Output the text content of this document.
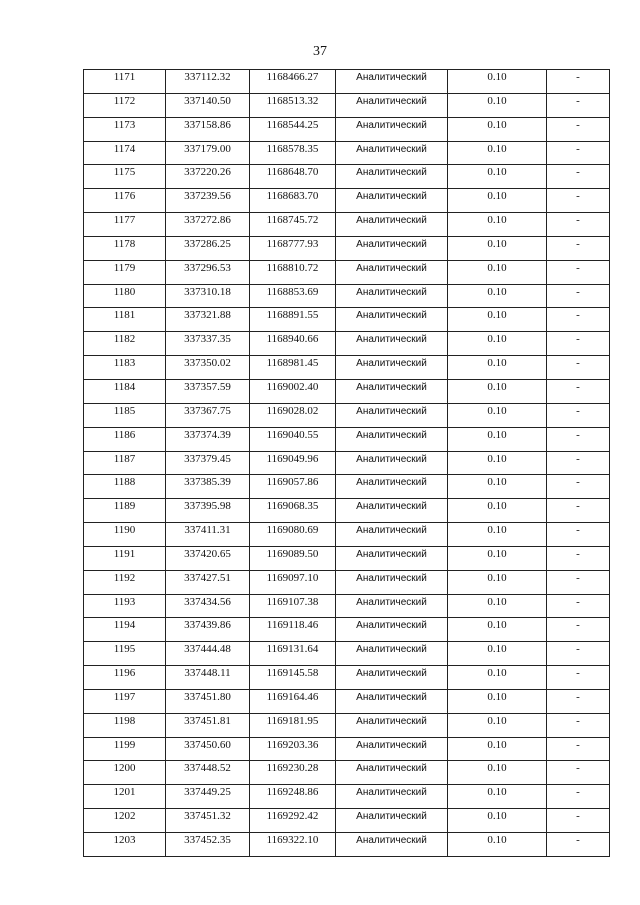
37
1171	337112.32	1168466.27	Аналитический	0.10	-
1172	337140.50	1168513.32	Аналитический	0.10	-
1173	337158.86	1168544.25	Аналитический	0.10	-
1174	337179.00	1168578.35	Аналитический	0.10	-
1175	337220.26	1168648.70	Аналитический	0.10	-
1176	337239.56	1168683.70	Аналитический	0.10	-
1177	337272.86	1168745.72	Аналитический	0.10	-
1178	337286.25	1168777.93	Аналитический	0.10	-
1179	337296.53	1168810.72	Аналитический	0.10	-
1180	337310.18	1168853.69	Аналитический	0.10	-
1181	337321.88	1168891.55	Аналитический	0.10	-
1182	337337.35	1168940.66	Аналитический	0.10	-
1183	337350.02	1168981.45	Аналитический	0.10	-
1184	337357.59	1169002.40	Аналитический	0.10	-
1185	337367.75	1169028.02	Аналитический	0.10	-
1186	337374.39	1169040.55	Аналитический	0.10	-
1187	337379.45	1169049.96	Аналитический	0.10	-
1188	337385.39	1169057.86	Аналитический	0.10	-
1189	337395.98	1169068.35	Аналитический	0.10	-
1190	337411.31	1169080.69	Аналитический	0.10	-
1191	337420.65	1169089.50	Аналитический	0.10	-
1192	337427.51	1169097.10	Аналитический	0.10	-
1193	337434.56	1169107.38	Аналитический	0.10	-
1194	337439.86	1169118.46	Аналитический	0.10	-
1195	337444.48	1169131.64	Аналитический	0.10	-
1196	337448.11	1169145.58	Аналитический	0.10	-
1197	337451.80	1169164.46	Аналитический	0.10	-
1198	337451.81	1169181.95	Аналитический	0.10	-
1199	337450.60	1169203.36	Аналитический	0.10	-
1200	337448.52	1169230.28	Аналитический	0.10	-
1201	337449.25	1169248.86	Аналитический	0.10	-
1202	337451.32	1169292.42	Аналитический	0.10	-
1203	337452.35	1169322.10	Аналитический	0.10	-
